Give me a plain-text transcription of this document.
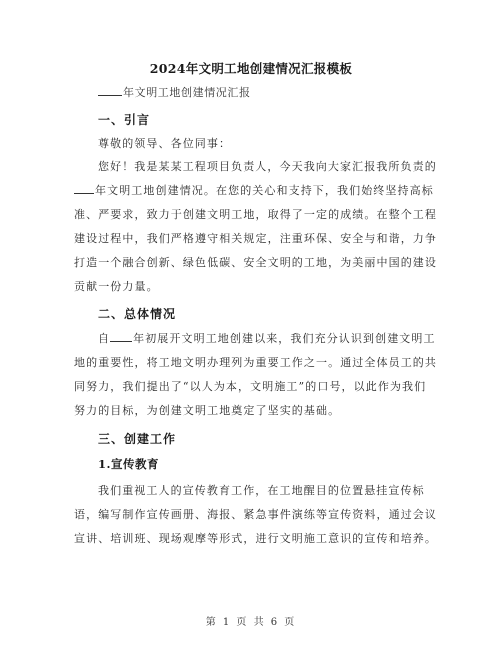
2024年文明工地创建情况汇报模板
年文明工地创建情况汇报
一、引言
尊敬的领导、各位同事：
您好！我是某某工程项目负责人，今天我向大家汇报我所负责的
年文明工地创建情况。在您的关心和支持下，我们始终坚持高标
准、严要求，致力于创建文明工地，取得了一定的成绩。在整个工程
建设过程中，我们严格遵守相关规定，注重环保、安全与和谐，力争
打造一个融合创新、绿色低碳、安全文明的工地，为美丽中国的建设
贡献一份力量。
二、总体情况
自 年初展开文明工地创建以来，我们充分认识到创建文明工
地的重要性，将工地文明办理列为重要工作之一。通过全体员工的共
同努力，我们提出了“以人为本，文明施工”的口号，以此作为我们
努力的目标，为创建文明工地奠定了坚实的基础。
三、创建工作
1.宣传教育
我们重视工人的宣传教育工作，在工地醒目的位置悬挂宣传标
语，编写制作宣传画册、海报、紧急事件演练等宣传资料，通过会议
宣讲、培训班、现场观摩等形式，进行文明施工意识的宣传和培养。
第 1 页 共 6 页
